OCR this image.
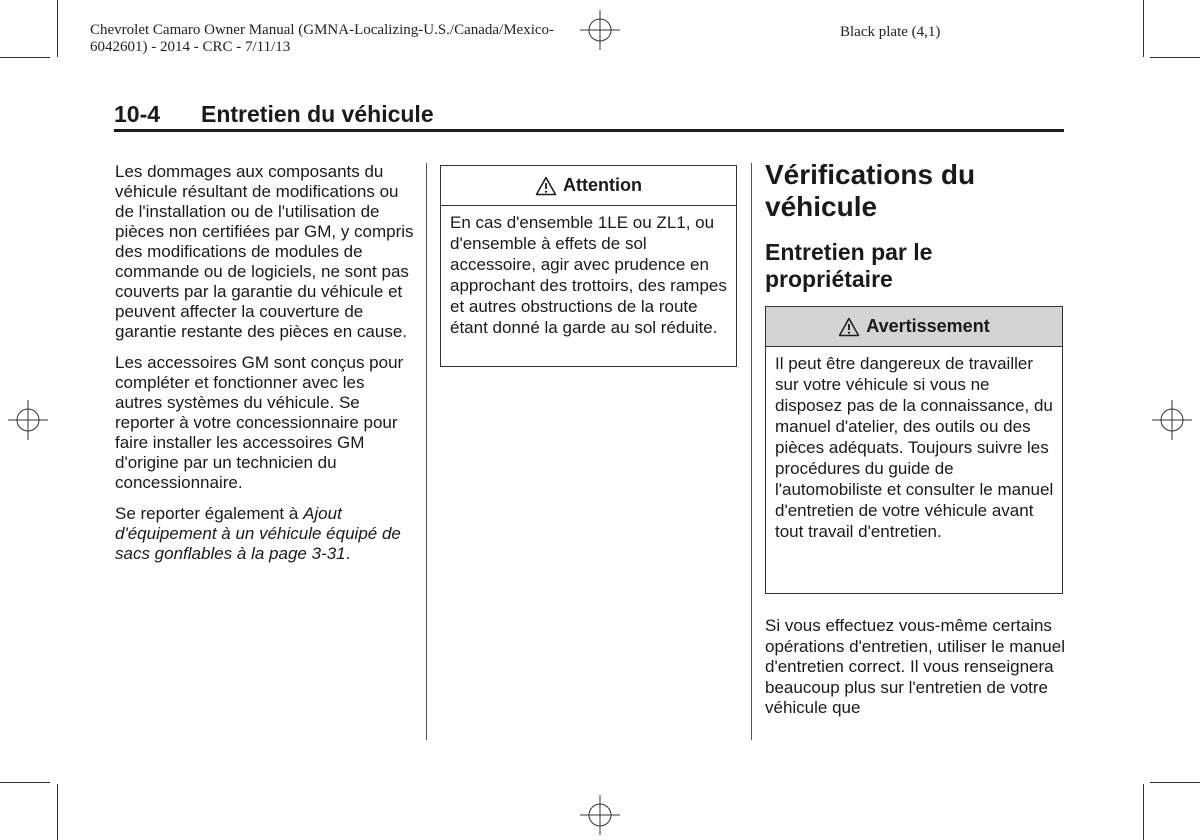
Chevrolet Camaro Owner Manual (GMNA-Localizing-U.S./Canada/Mexico-
6042601) - 2014 - CRC - 7/11/13
Black plate (4,1)
10-4 Entretien du véhicule

Les dommages aux composants du véhicule résultant de modifications ou de l'installation ou de l'utilisation de pièces non certifiées par GM, y compris des modifications de modules de commande ou de logiciels, ne sont pas couverts par la garantie du véhicule et peuvent affecter la couverture de garantie restante des pièces en cause.

Les accessoires GM sont conçus pour compléter et fonctionner avec les autres systèmes du véhicule. Se reporter à votre concessionnaire pour faire installer les accessoires GM d'origine par un technicien du concessionnaire.

Se reporter également à Ajout d'équipement à un véhicule équipé de sacs gonflables à la page 3-31.

Attention
En cas d'ensemble 1LE ou ZL1, ou d'ensemble à effets de sol accessoire, agir avec prudence en approchant des trottoirs, des rampes et autres obstructions de la route étant donné la garde au sol réduite.
Vérifications du véhicule
Entretien par le propriétaire
Avertissement
Il peut être dangereux de travailler sur votre véhicule si vous ne disposez pas de la connaissance, du manuel d'atelier, des outils ou des pièces adéquats. Toujours suivre les procédures du guide de l'automobiliste et consulter le manuel d'entretien de votre véhicule avant tout travail d'entretien.

Si vous effectuez vous-même certains opérations d'entretien, utiliser le manuel d'entretien correct. Il vous renseignera beaucoup plus sur l'entretien de votre véhicule que
